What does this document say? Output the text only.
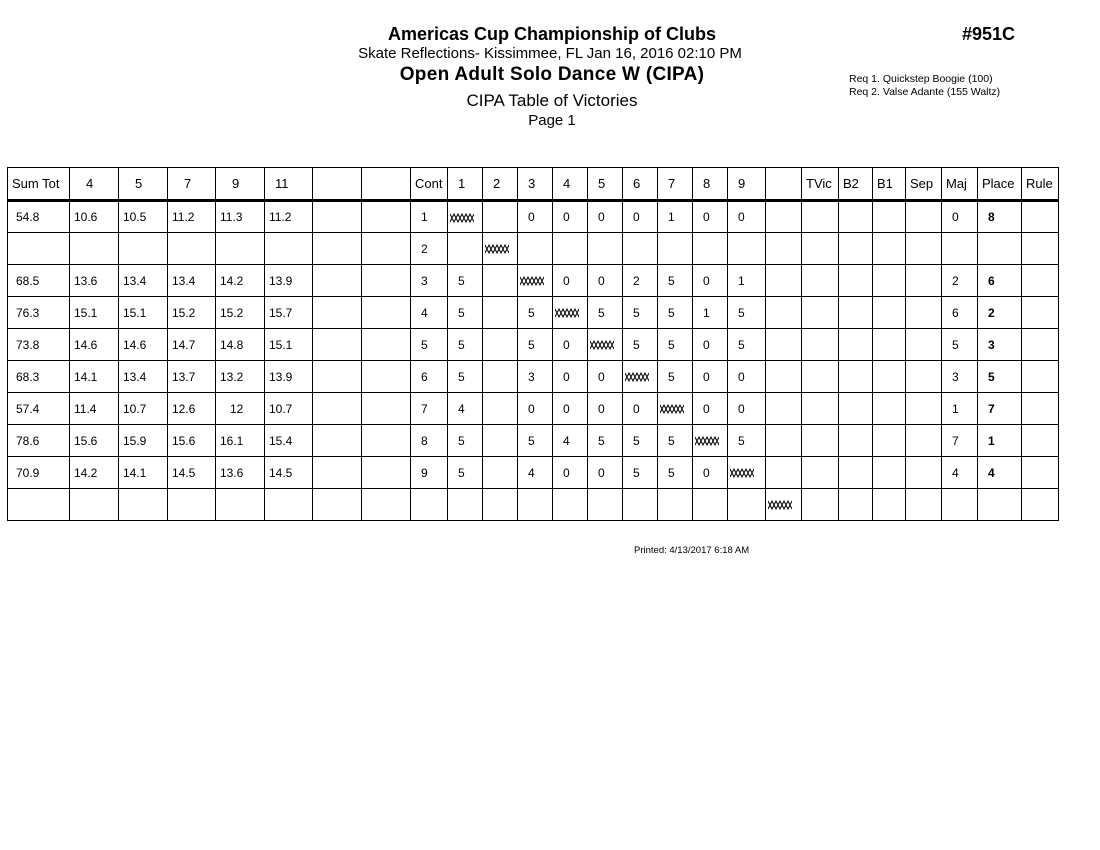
Americas Cup Championship of Clubs
Skate Reflections- Kissimmee, FL Jan 16, 2016 02:10 PM
Open Adult Solo Dance W (CIPA)
CIPA Table of Victories
Page 1
#951C
Req 1. Quickstep Boogie (100)
Req 2. Valse Adante (155 Waltz)
Sum Tot	4	5	7	9	11			Cont	1	2	3	4	5	6	7	8	9		TVic	B2	B1	Sep	Maj	Place	Rule
54.8	10.6	10.5	11.2	11.3	11.2			1			0	0	0	0	1	0	0						0	8	
								2		

68.5	13.6	13.4	13.4	14.2	13.9			3	5			0	0	2	5	0	1						2	6	
76.3	15.1	15.1	15.2	15.2	15.7			4	5		5		5	5	5	1	5						6	2	
73.8	14.6	14.6	14.7	14.8	15.1			5	5		5	0		5	5	0	5						5	3	
68.3	14.1	13.4	13.7	13.2	13.9			6	5		3	0	0		5	0	0						3	5	
57.4	11.4	10.7	12.6	12	10.7			7	4		0	0	0	0		0	0						1	7	
78.6	15.6	15.9	15.6	16.1	15.4			8	5		5	4	5	5	5		5						7	1	
70.9	14.2	14.1	14.5	13.6	14.5			9	5		4	0	0	5	5	0							4	4	

Printed: 4/13/2017 6:18 AM
